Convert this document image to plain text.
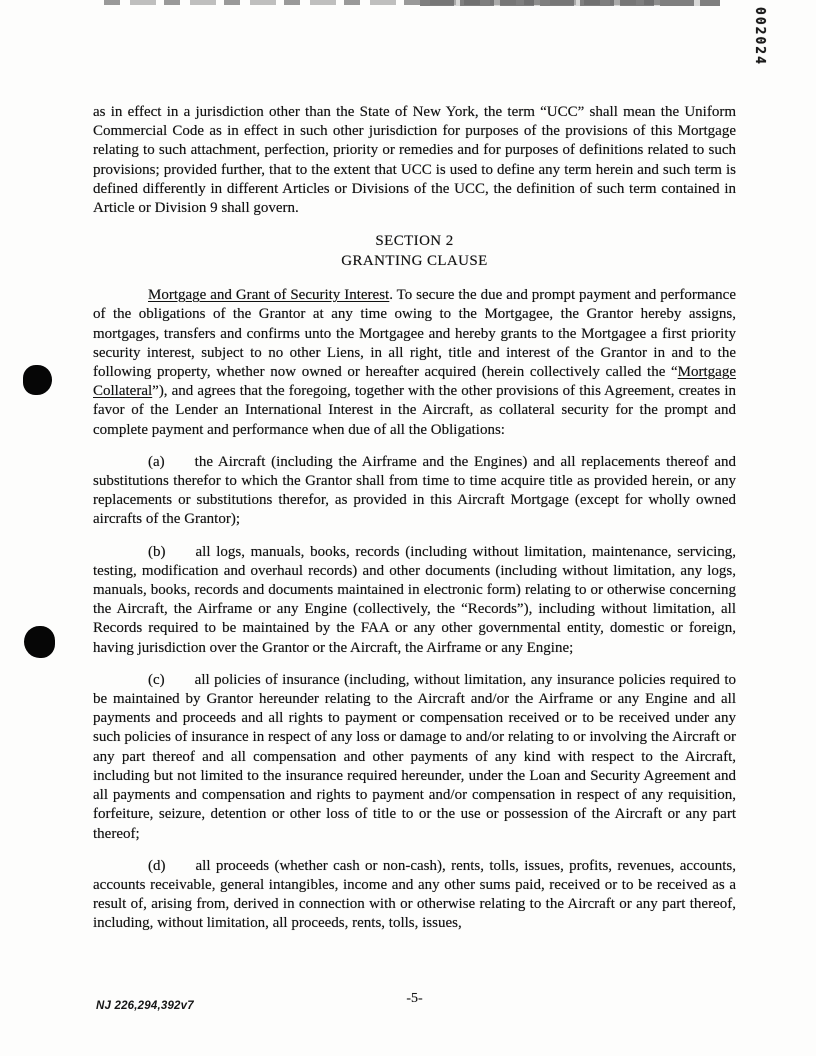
002024

as in effect in a jurisdiction other than the State of New York, the term “UCC” shall mean the Uniform Commercial Code as in effect in such other jurisdiction for purposes of the provisions of this Mortgage relating to such attachment, perfection, priority or remedies and for purposes of definitions related to such provisions; provided further, that to the extent that UCC is used to define any term herein and such term is defined differently in different Articles or Divisions of the UCC, the definition of such term contained in Article or Division 9 shall govern.

SECTION 2
GRANTING CLAUSE

Mortgage and Grant of Security Interest. To secure the due and prompt payment and performance of the obligations of the Grantor at any time owing to the Mortgagee, the Grantor hereby assigns, mortgages, transfers and confirms unto the Mortgagee and hereby grants to the Mortgagee a first priority security interest, subject to no other Liens, in all right, title and interest of the Grantor in and to the following property, whether now owned or hereafter acquired (herein collectively called the “Mortgage Collateral”), and agrees that the foregoing, together with the other provisions of this Agreement, creates in favor of the Lender an International Interest in the Aircraft, as collateral security for the prompt and complete payment and performance when due of all the Obligations:

(a) the Aircraft (including the Airframe and the Engines) and all replacements thereof and substitutions therefor to which the Grantor shall from time to time acquire title as provided herein, or any replacements or substitutions therefor, as provided in this Aircraft Mortgage (except for wholly owned aircrafts of the Grantor);

(b) all logs, manuals, books, records (including without limitation, maintenance, servicing, testing, modification and overhaul records) and other documents (including without limitation, any logs, manuals, books, records and documents maintained in electronic form) relating to or otherwise concerning the Aircraft, the Airframe or any Engine (collectively, the “Records”), including without limitation, all Records required to be maintained by the FAA or any other governmental entity, domestic or foreign, having jurisdiction over the Grantor or the Aircraft, the Airframe or any Engine;

(c) all policies of insurance (including, without limitation, any insurance policies required to be maintained by Grantor hereunder relating to the Aircraft and/or the Airframe or any Engine and all payments and proceeds and all rights to payment or compensation received or to be received under any such policies of insurance in respect of any loss or damage to and/or relating to or involving the Aircraft or any part thereof and all compensation and other payments of any kind with respect to the Aircraft, including but not limited to the insurance required hereunder, under the Loan and Security Agreement and all payments and compensation and rights to payment and/or compensation in respect of any requisition, forfeiture, seizure, detention or other loss of title to or the use or possession of the Aircraft or any part thereof;

(d) all proceeds (whether cash or non-cash), rents, tolls, issues, profits, revenues, accounts, accounts receivable, general intangibles, income and any other sums paid, received or to be received as a result of, arising from, derived in connection with or otherwise relating to the Aircraft or any part thereof, including, without limitation, all proceeds, rents, tolls, issues,

-5-
NJ 226,294,392v7
